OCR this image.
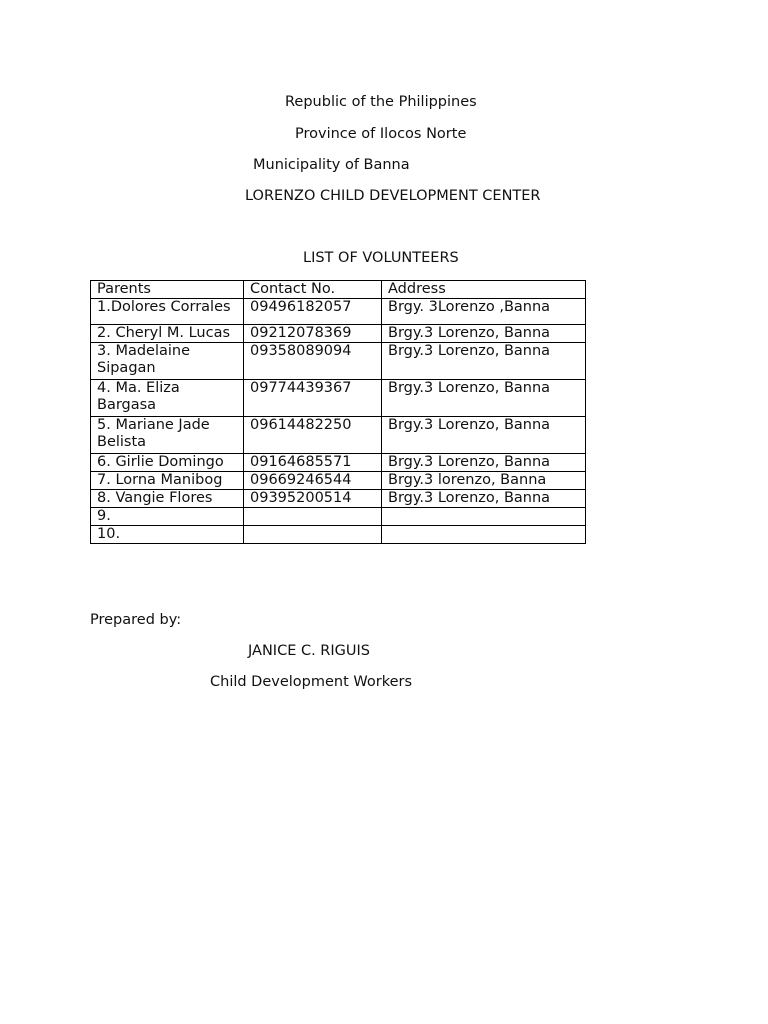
Republic of the Philippines
Province of Ilocos Norte
Municipality of Banna
LORENZO CHILD DEVELOPMENT CENTER
LIST OF VOLUNTEERS
Parents	Contact No.	Address
1.Dolores Corrales	09496182057	Brgy. 3Lorenzo ,Banna
2. Cheryl M. Lucas	09212078369	Brgy.3 Lorenzo, Banna
3. Madelaine Sipagan	09358089094	Brgy.3 Lorenzo, Banna
4. Ma. Eliza Bargasa	09774439367	Brgy.3 Lorenzo, Banna
5. Mariane Jade Belista	09614482250	Brgy.3 Lorenzo, Banna
6. Girlie Domingo	09164685571	Brgy.3 Lorenzo, Banna
7. Lorna Manibog	09669246544	Brgy.3 lorenzo, Banna
8. Vangie Flores	09395200514	Brgy.3 Lorenzo, Banna
9.		
10.		
Prepared by:
JANICE C. RIGUIS
Child Development Workers
